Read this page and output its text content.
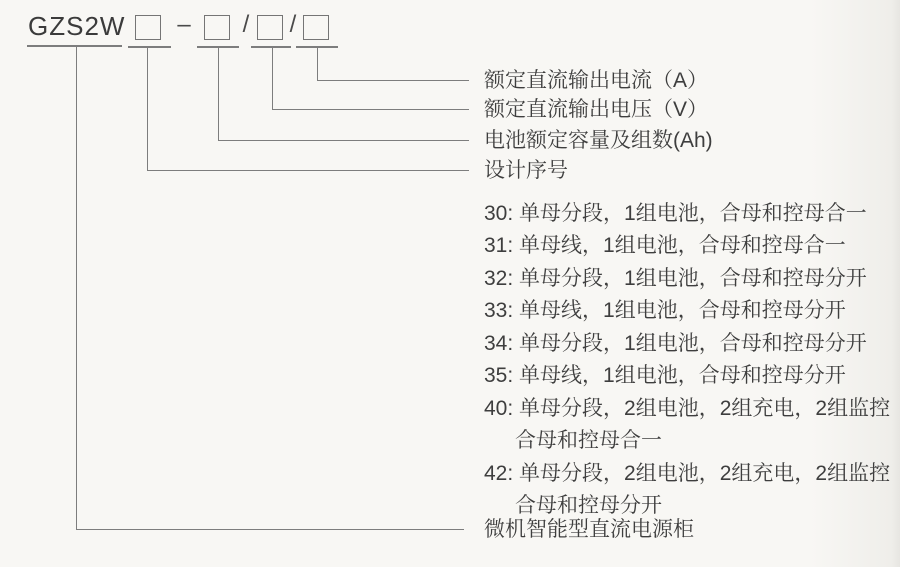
GZS2W	–	/ /
额定直流输出电流（A）
额定直流输出电压（V）
电池额定容量及组数(Ah)
设计序号
30: 单母分段，1组电池，合母和控母合一
31: 单母线，1组电池，合母和控母合一
32: 单母分段，1组电池，合母和控母分开
33: 单母线，1组电池，合母和控母分开
34: 单母分段，1组电池，合母和控母分开
35: 单母线，1组电池，合母和控母分开
40: 单母分段，2组电池，2组充电，2组监控
合母和控母合一
42: 单母分段，2组电池，2组充电，2组监控
合母和控母分开
微机智能型直流电源柜
